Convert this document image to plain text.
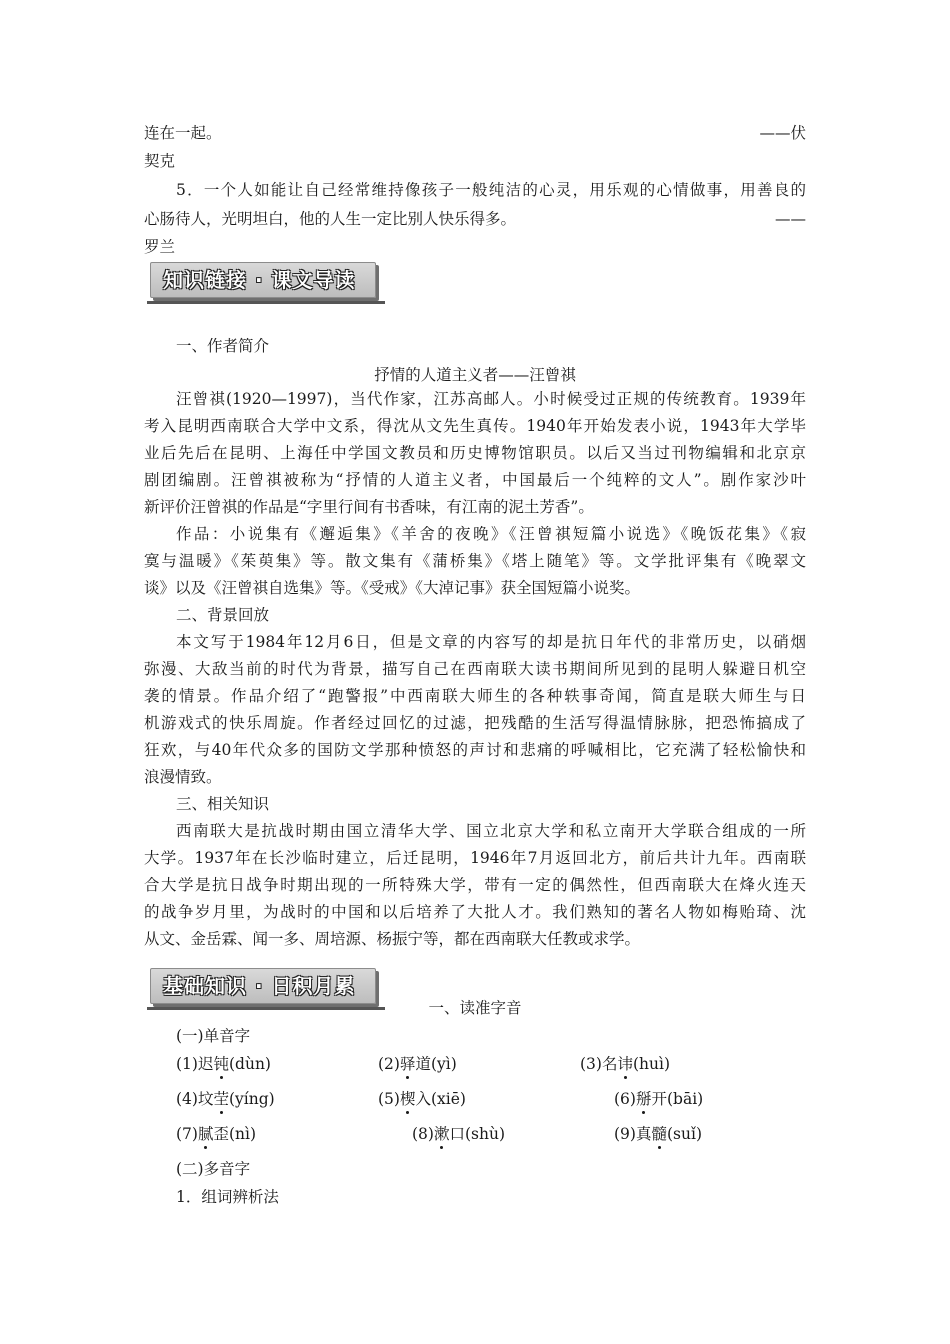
连在一起。	——伏
契克
5．一个人如能让自己经常维持像孩子一般纯洁的心灵，用乐观的心情做事，用善良的
心肠待人，光明坦白，他的人生一定比别人快乐得多。	——
罗兰
知识链接 · 课文导读
一、作者简介
抒情的人道主义者——汪曾祺
汪曾祺(1920—1997)，当代作家，江苏高邮人。小时候受过正规的传统教育。1939年
考入昆明西南联合大学中文系，得沈从文先生真传。1940年开始发表小说，1943年大学毕
业后先后在昆明、上海任中学国文教员和历史博物馆职员。以后又当过刊物编辑和北京京
剧团编剧。汪曾祺被称为“抒情的人道主义者，中国最后一个纯粹的文人”。剧作家沙叶
新评价汪曾祺的作品是“字里行间有书香味，有江南的泥土芳香”。
作品：小说集有《邂逅集》《羊舍的夜晚》《汪曾祺短篇小说选》《晚饭花集》《寂
寞与温暖》《茱萸集》等。散文集有《蒲桥集》《塔上随笔》等。文学批评集有《晚翠文
谈》以及《汪曾祺自选集》等。《受戒》《大淖记事》获全国短篇小说奖。
二、背景回放
本文写于1984年12月6日，但是文章的内容写的却是抗日年代的非常历史，以硝烟
弥漫、大敌当前的时代为背景，描写自己在西南联大读书期间所见到的昆明人躲避日机空
袭的情景。作品介绍了“跑警报”中西南联大师生的各种轶事奇闻，简直是联大师生与日
机游戏式的快乐周旋。作者经过回忆的过滤，把残酷的生活写得温情脉脉，把恐怖搞成了
狂欢，与40年代众多的国防文学那种愤怒的声讨和悲痛的呼喊相比，它充满了轻松愉快和
浪漫情致。
三、相关知识
西南联大是抗战时期由国立清华大学、国立北京大学和私立南开大学联合组成的一所
大学。1937年在长沙临时建立，后迁昆明，1946年7月返回北方，前后共计九年。西南联
合大学是抗日战争时期出现的一所特殊大学，带有一定的偶然性，但西南联大在烽火连天
的战争岁月里，为战时的中国和以后培养了大批人才。我们熟知的著名人物如梅贻琦、沈
从文、金岳霖、闻一多、周培源、杨振宁等，都在西南联大任教或求学。
基础知识 · 日积月累
一、读准字音
(一)单音字
(1)迟钝(dùn)	(2)驿道(yì)	(3)名讳(huì)
(4)坟茔(yíng)	(5)楔入(xiē)	(6)掰开(bāi)
(7)腻歪(nì)	(8)漱口(shù)	(9)真髓(suǐ)
(二)多音字
1．组词辨析法
